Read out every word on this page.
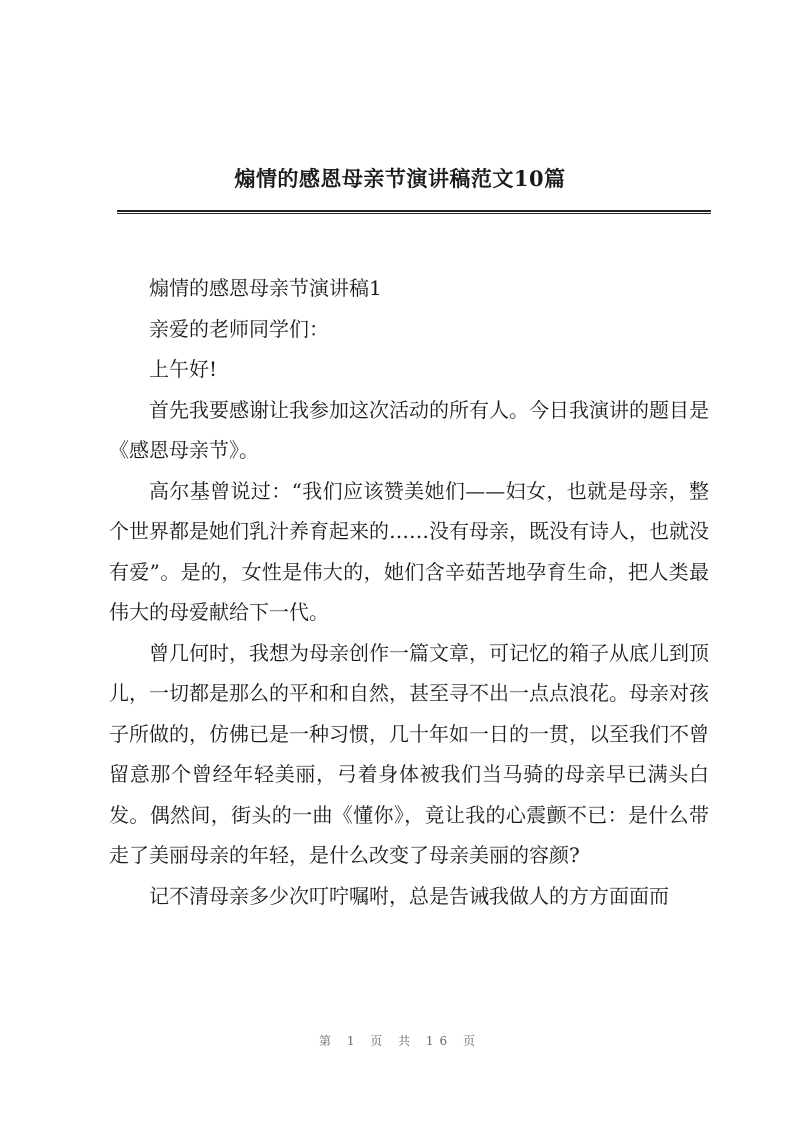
煽情的感恩母亲节演讲稿范文10篇

煽情的感恩母亲节演讲稿1

亲爱的老师同学们：

上午好!

首先我要感谢让我参加这次活动的所有人。今日我演讲的题目是《感恩母亲节》。

高尔基曾说过：“我们应该赞美她们——妇女，也就是母亲，整个世界都是她们乳汁养育起来的……没有母亲，既没有诗人，也就没有爱”。是的，女性是伟大的，她们含辛茹苦地孕育生命，把人类最伟大的母爱献给下一代。

曾几何时，我想为母亲创作一篇文章，可记忆的箱子从底儿到顶儿，一切都是那么的平和和自然，甚至寻不出一点点浪花。母亲对孩子所做的，仿佛已是一种习惯，几十年如一日的一贯，以至我们不曾留意那个曾经年轻美丽，弓着身体被我们当马骑的母亲早已满头白发。偶然间，街头的一曲《懂你》，竟让我的心震颤不已：是什么带走了美丽母亲的年轻，是什么改变了母亲美丽的容颜?

记不清母亲多少次叮咛嘱咐，总是告诫我做人的方方面面而

第 1 页 共 16 页
